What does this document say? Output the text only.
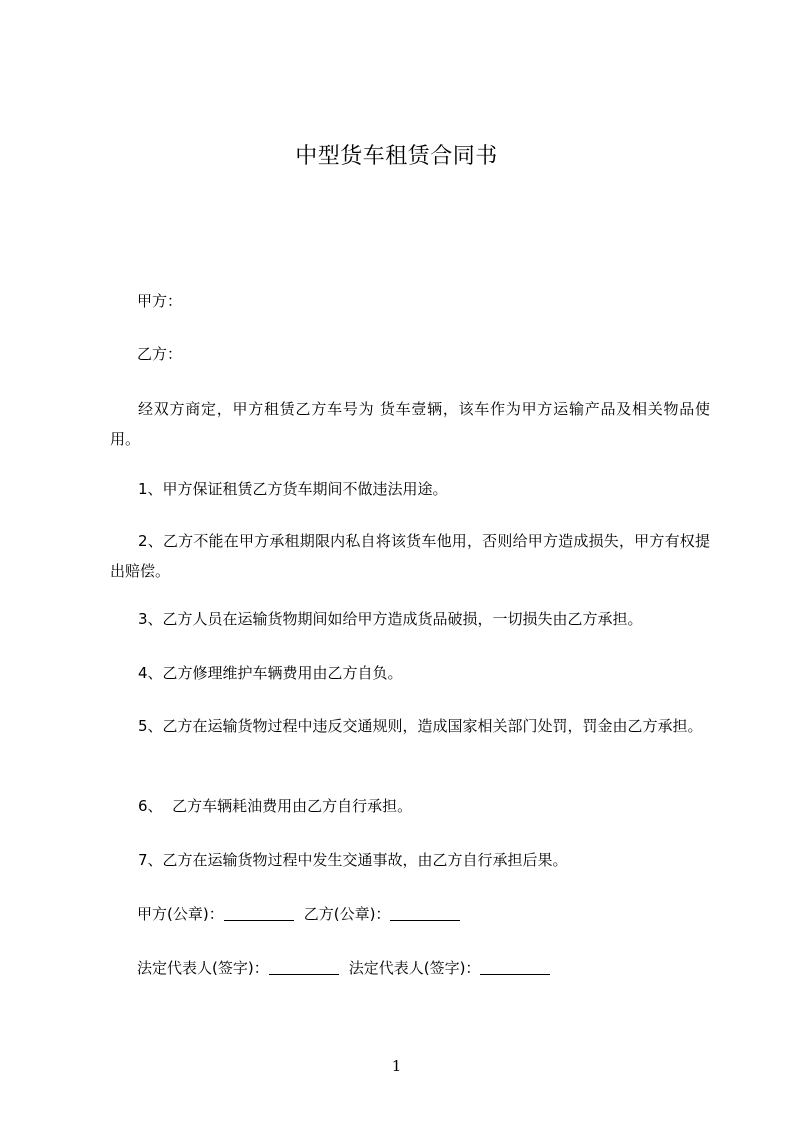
中型货车租赁合同书
甲方：
乙方：
经双方商定，甲方租赁乙方车号为 货车壹辆，该车作为甲方运输产品及相关物品使用。
1、甲方保证租赁乙方货车期间不做违法用途。
2、乙方不能在甲方承租期限内私自将该货车他用，否则给甲方造成损失，甲方有权提出赔偿。
3、乙方人员在运输货物期间如给甲方造成货品破损，一切损失由乙方承担。
4、乙方修理维护车辆费用由乙方自负。
5、乙方在运输货物过程中违反交通规则，造成国家相关部门处罚，罚金由乙方承担。
6、  乙方车辆耗油费用由乙方自行承担。
7、乙方在运输货物过程中发生交通事故，由乙方自行承担后果。
甲方(公章)：	乙方(公章)：
法定代表人(签字)：	法定代表人(签字)：
1
